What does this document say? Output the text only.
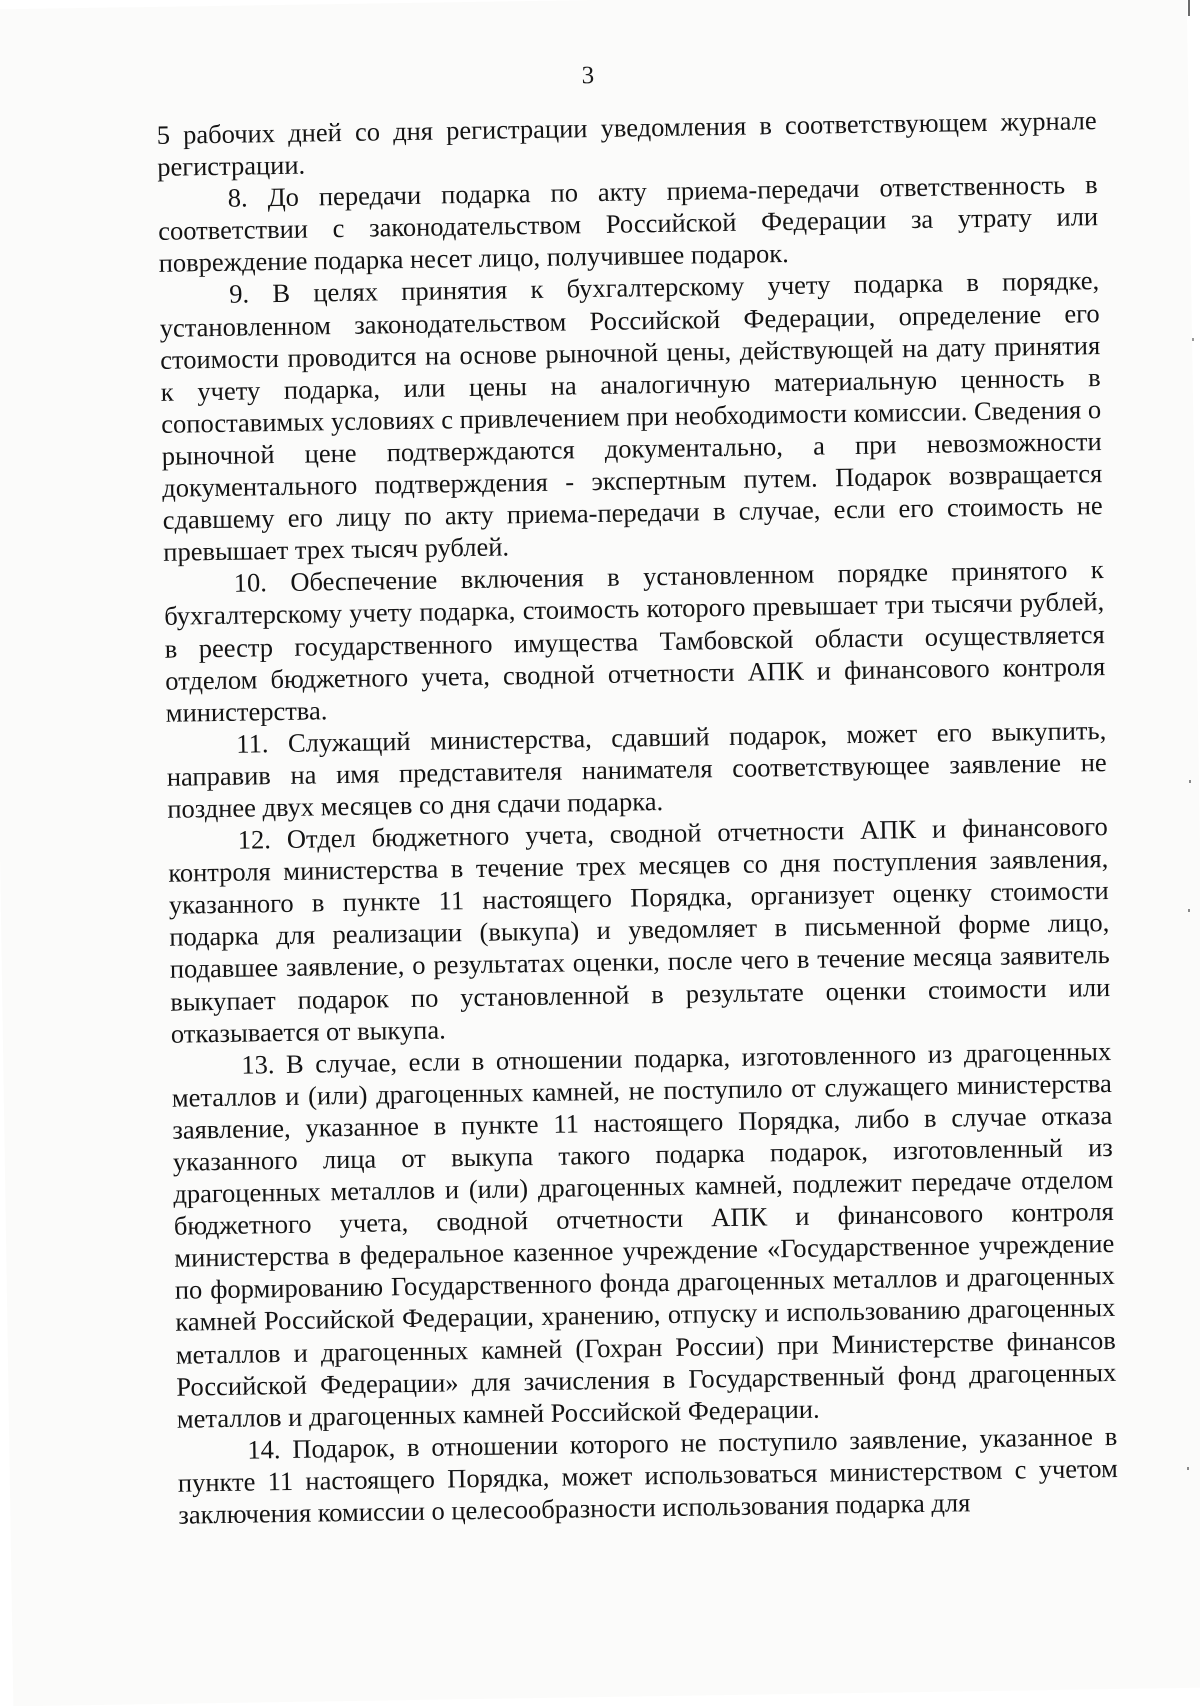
3

5 рабочих дней со дня регистрации уведомления в соответствующем журнале регистрации.

8. До передачи подарка по акту приема-передачи ответственность в соответствии с законодательством Российской Федерации за утрату или повреждение подарка несет лицо, получившее подарок.

9. В целях принятия к бухгалтерскому учету подарка в порядке, установленном законодательством Российской Федерации, определение его стоимости проводится на основе рыночной цены, действующей на дату принятия к учету подарка, или цены на аналогичную материальную ценность в сопоставимых условиях с привлечением при необходимости комиссии. Сведения о рыночной цене подтверждаются документально, а при невозможности документального подтверждения - экспертным путем. Подарок возвращается сдавшему его лицу по акту приема-передачи в случае, если его стоимость не превышает трех тысяч рублей.

10. Обеспечение включения в установленном порядке принятого к бухгалтерскому учету подарка, стоимость которого превышает три тысячи рублей, в реестр государственного имущества Тамбовской области осуществляется отделом бюджетного учета, сводной отчетности АПК и финансового контроля министерства.

11. Служащий министерства, сдавший подарок, может его выкупить, направив на имя представителя нанимателя соответствующее заявление не позднее двух месяцев со дня сдачи подарка.

12. Отдел бюджетного учета, сводной отчетности АПК и финансового контроля министерства в течение трех месяцев со дня поступления заявления, указанного в пункте 11 настоящего Порядка, организует оценку стоимости подарка для реализации (выкупа) и уведомляет в письменной форме лицо, подавшее заявление, о результатах оценки, после чего в течение месяца заявитель выкупает подарок по установленной в результате оценки стоимости или отказывается от выкупа.

13. В случае, если в отношении подарка, изготовленного из драгоценных металлов и (или) драгоценных камней, не поступило от служащего министерства заявление, указанное в пункте 11 настоящего Порядка, либо в случае отказа указанного лица от выкупа такого подарка подарок, изготовленный из драгоценных металлов и (или) драгоценных камней, подлежит передаче отделом бюджетного учета, сводной отчетности АПК и финансового контроля министерства в федеральное казенное учреждение «Государственное учреждение по формированию Государственного фонда драгоценных металлов и драгоценных камней Российской Федерации, хранению, отпуску и использованию драгоценных металлов и драгоценных камней (Гохран России) при Министерстве финансов Российской Федерации» для зачисления в Государственный фонд драгоценных металлов и драгоценных камней Российской Федерации.

14. Подарок, в отношении которого не поступило заявление, указанное в пункте 11 настоящего Порядка, может использоваться министерством с учетом заключения комиссии о целесообразности использования подарка для
